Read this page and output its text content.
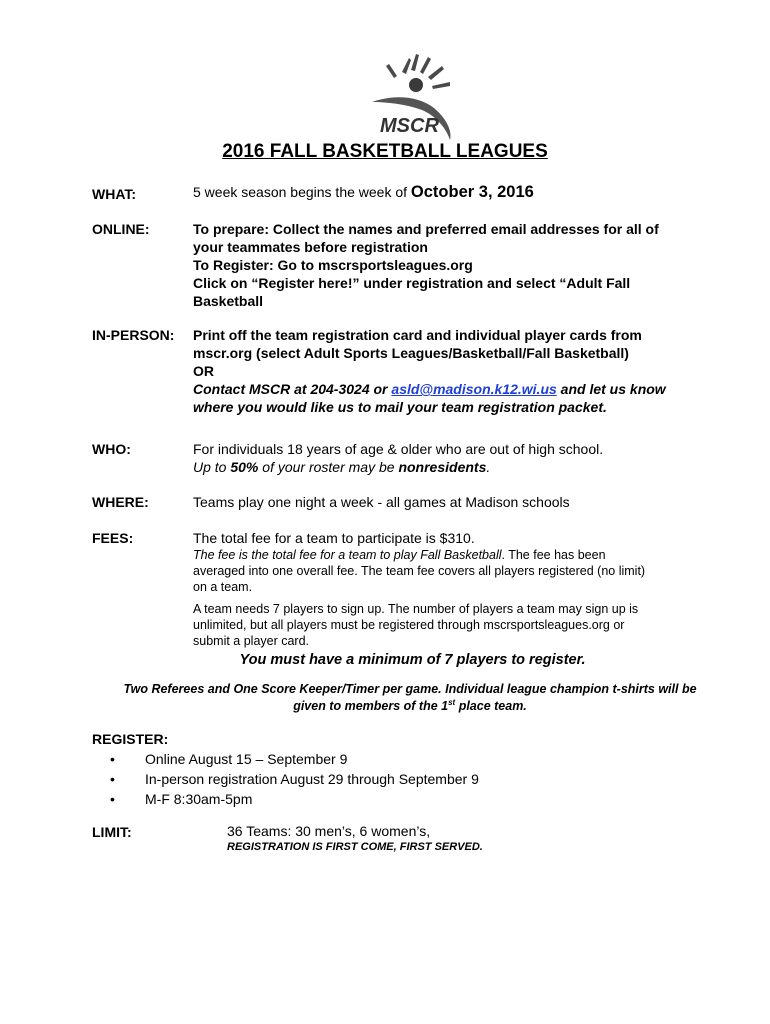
MSCR
2016 FALL BASKETBALL LEAGUES
WHAT:	5 week season begins the week of October 3, 2016
ONLINE:	To prepare: Collect the names and preferred email addresses for all of
your teammates before registration
To Register: Go to mscrsportsleagues.org
Click on “Register here!” under registration and select “Adult Fall
Basketball
IN-PERSON: Print off the team registration card and individual player cards from
mscr.org (select Adult Sports Leagues/Basketball/Fall Basketball)
OR
Contact MSCR at 204-3024 or asld@madison.k12.wi.us and let us know
where you would like us to mail your team registration packet.
WHO:	For individuals 18 years of age & older who are out of high school.
Up to 50% of your roster may be nonresidents.
WHERE:	Teams play one night a week - all games at Madison schools
FEES:	The total fee for a team to participate is $310.
The fee is the total fee for a team to play Fall Basketball. The fee has been
averaged into one overall fee. The team fee covers all players registered (no limit)
on a team.
A team needs 7 players to sign up. The number of players a team may sign up is
unlimited, but all players must be registered through mscrsportsleagues.org or
submit a player card.
You must have a minimum of 7 players to register.
Two Referees and One Score Keeper/Timer per game. Individual league champion t-shirts will be
given to members of the 1st place team.
REGISTER:
• Online August 15 – September 9
• In-person registration August 29 through September 9
• M-F 8:30am-5pm
LIMIT:	36 Teams: 30 men’s, 6 women’s,
REGISTRATION IS FIRST COME, FIRST SERVED.
